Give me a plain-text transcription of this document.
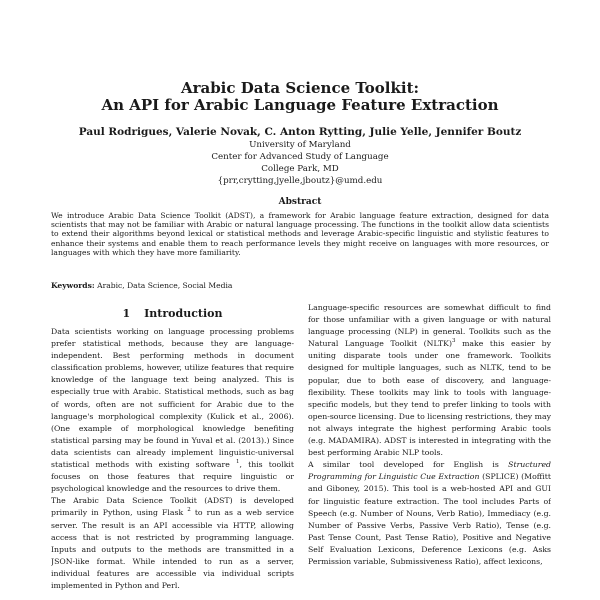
Arabic Data Science Toolkit:
An API for Arabic Language Feature Extraction
Paul Rodrigues, Valerie Novak, C. Anton Rytting, Julie Yelle, Jennifer Boutz
University of Maryland
Center for Advanced Study of Language
College Park, MD
{prr,crytting,jyelle,jboutz}@umd.edu
Abstract
We introduce Arabic Data Science Toolkit (ADST), a framework for Arabic language feature extraction, designed for data scientists that may not be familiar with Arabic or natural language processing. The functions in the toolkit allow data scientists to extend their algorithms beyond lexical or statistical methods and leverage Arabic-specific linguistic and stylistic features to enhance their systems and enable them to reach performance levels they might receive on languages with more resources, or languages with which they have more familiarity.
Keywords: Arabic, Data Science, Social Media
1 Introduction

Data scientists working on language processing problems prefer statistical methods, because they are language-independent. Best performing methods in document classification problems, however, utilize features that require knowledge of the language text being analyzed. This is especially true with Arabic. Statistical methods, such as bag of words, often are not sufficient for Arabic due to the language's morphological complexity (Kulick et al., 2006). (One example of morphological knowledge benefiting statistical parsing may be found in Yuval et al. (2013).) Since data scientists can already implement linguistic-universal statistical methods with existing software $^1$, this toolkit focuses on those features that require linguistic or psychological knowledge and the resources to drive them.

The Arabic Data Science Toolkit (ADST) is developed primarily in Python, using Flask $^2$ to run as a web service server. The result is an API accessible via HTTP, allowing access that is not restricted by programming language. Inputs and outputs to the methods are transmitted in a JSON-like format. While intended to run as a server, individual features are accessible via individual scripts implemented in Python and Perl.

Language-specific resources are somewhat difficult to find for those unfamiliar with a given language or with natural language processing (NLP) in general. Toolkits such as the Natural Language Toolkit (NLTK)$^3$ make this easier by uniting disparate tools under one framework. Toolkits designed for multiple languages, such as NLTK, tend to be popular, due to both ease of discovery, and language-flexibility. These toolkits may link to tools with language-specific models, but they tend to prefer linking to tools with open-source licensing. Due to licensing restrictions, they may not always integrate the highest performing Arabic tools (e.g. MADAMIRA). ADST is interested in integrating with the best performing Arabic NLP tools.

A similar tool developed for English is Structured Programming for Linguistic Cue Extraction (SPLICE) (Moffitt and Giboney, 2015). This tool is a web-hosted API and GUI for linguistic feature extraction. The tool includes Parts of Speech (e.g. Number of Nouns, Verb Ratio), Immediacy (e.g. Number of Passive Verbs, Passive Verb Ratio), Tense (e.g. Past Tense Count, Past Tense Ratio), Positive and Negative Self Evaluation Lexicons, Deference Lexicons (e.g. Asks Permission variable, Submissiveness Ratio), affect lexicons,
